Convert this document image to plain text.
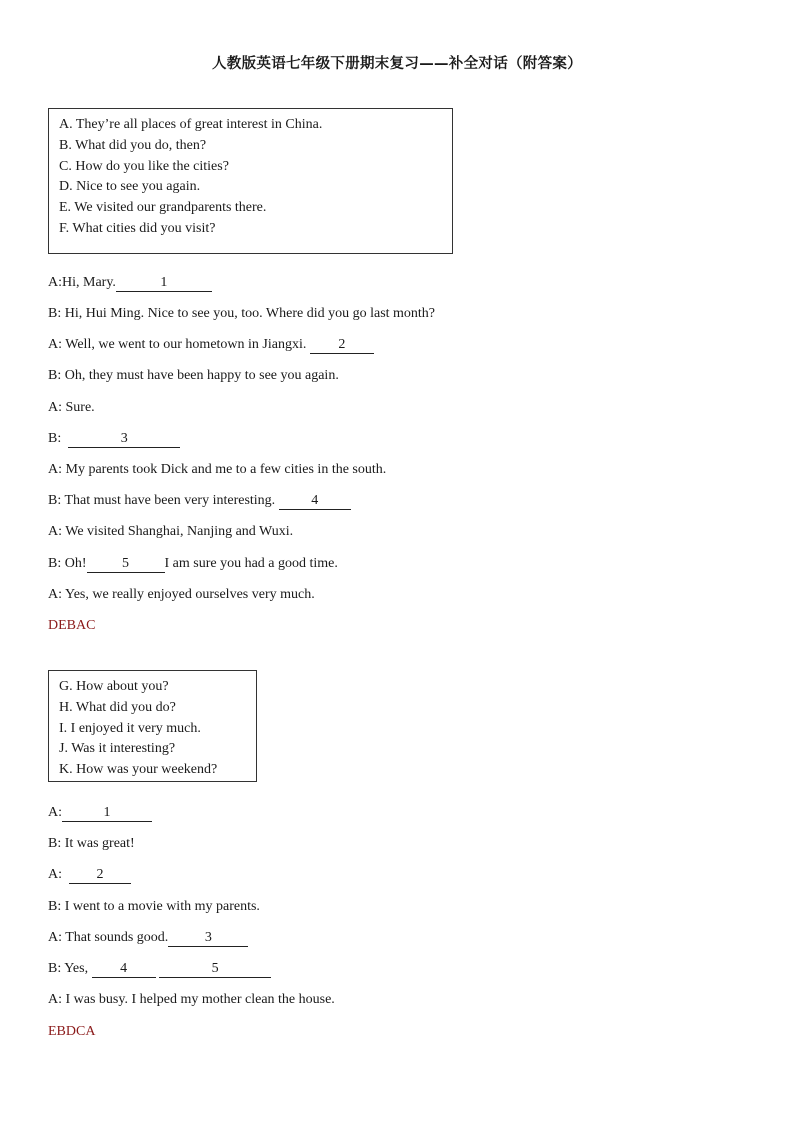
人教版英语七年级下册期末复习——补全对话（附答案）
A. They’re all places of great interest in China.
B. What did you do, then?
C. How do you like the cities?
D. Nice to see you again.
E. We visited our grandparents there.
F. What cities did you visit?
A:Hi, Mary.	1
B: Hi, Hui Ming. Nice to see you, too. Where did you go last month?
A: Well, we went to our hometown in Jiangxi. 2
B: Oh, they must have been happy to see you again.
A: Sure.
B:	3
A: My parents took Dick and me to a few cities in the south.
B: That must have been very interesting.	4
A: We visited Shanghai, Nanjing and Wuxi.
B: Oh!	5	I am sure you had a good time.
A: Yes, we really enjoyed ourselves very much.
DEBAC
G. How about you?
H. What did you do?
I. I enjoyed it very much.
J. Was it interesting?
K. How was your weekend?
A:	1
B: It was great!
A: 2
B: I went to a movie with my parents.
A: That sounds good.	3
B: Yes, 4	5
A: I was busy. I helped my mother clean the house.
EBDCA
